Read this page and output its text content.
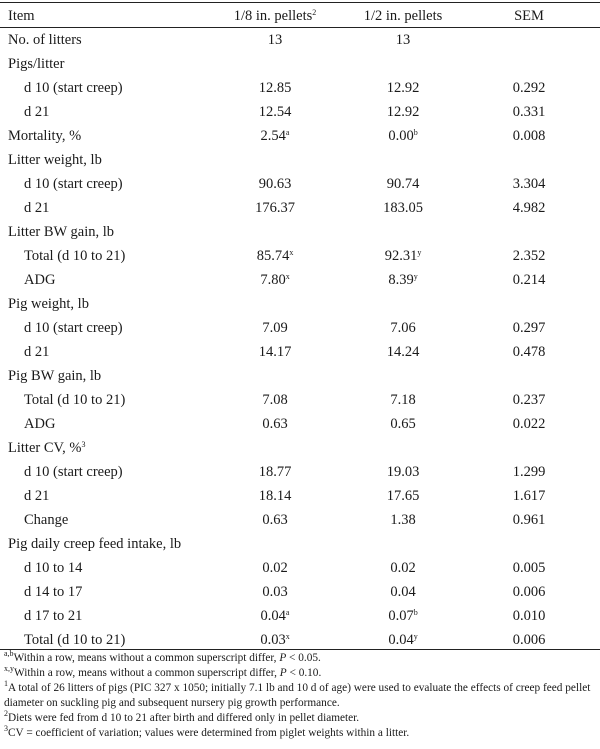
Item	1/8 in. pellets$^2$	1/2 in. pellets	SEM
No. of litters	13	13
Pigs/litter
d 10 (start creep)	12.85	12.92	0.292
d 21	12.54	12.92	0.331
Mortality, %	2.54$^a$	0.00$^b$	0.008
Litter weight, lb
d 10 (start creep)	90.63	90.74	3.304
d 21	176.37	183.05	4.982
Litter BW gain, lb
Total (d 10 to 21)	85.74$^x$	92.31$^y$	2.352
ADG	7.80$^x$	8.39$^y$	0.214
Pig weight, lb
d 10 (start creep)	7.09	7.06	0.297
d 21	14.17	14.24	0.478
Pig BW gain, lb
Total (d 10 to 21)	7.08	7.18	0.237
ADG	0.63	0.65	0.022
Litter CV, %$^3$
d 10 (start creep)	18.77	19.03	1.299
d 21	18.14	17.65	1.617
Change	0.63	1.38	0.961
Pig daily creep feed intake, lb
d 10 to 14	0.02	0.02	0.005
d 14 to 17	0.03	0.04	0.006
d 17 to 21	0.04$^a$	0.07$^b$	0.010
Total (d 10 to 21)	0.03$^x$	0.04$^y$	0.006

$^{a,b}$Within a row, means without a common superscript differ, P < 0.05.

$^{x,y}$Within a row, means without a common superscript differ, P < 0.10.

$^1$A total of 26 litters of pigs (PIC 327 x 1050; initially 7.1 lb and 10 d of age) were used to evaluate the effects of creep feed pellet diameter on suckling pig and subsequent nursery pig growth performance.

$^2$Diets were fed from d 10 to 21 after birth and differed only in pellet diameter.

$^3$CV = coefficient of variation; values were determined from piglet weights within a litter.
